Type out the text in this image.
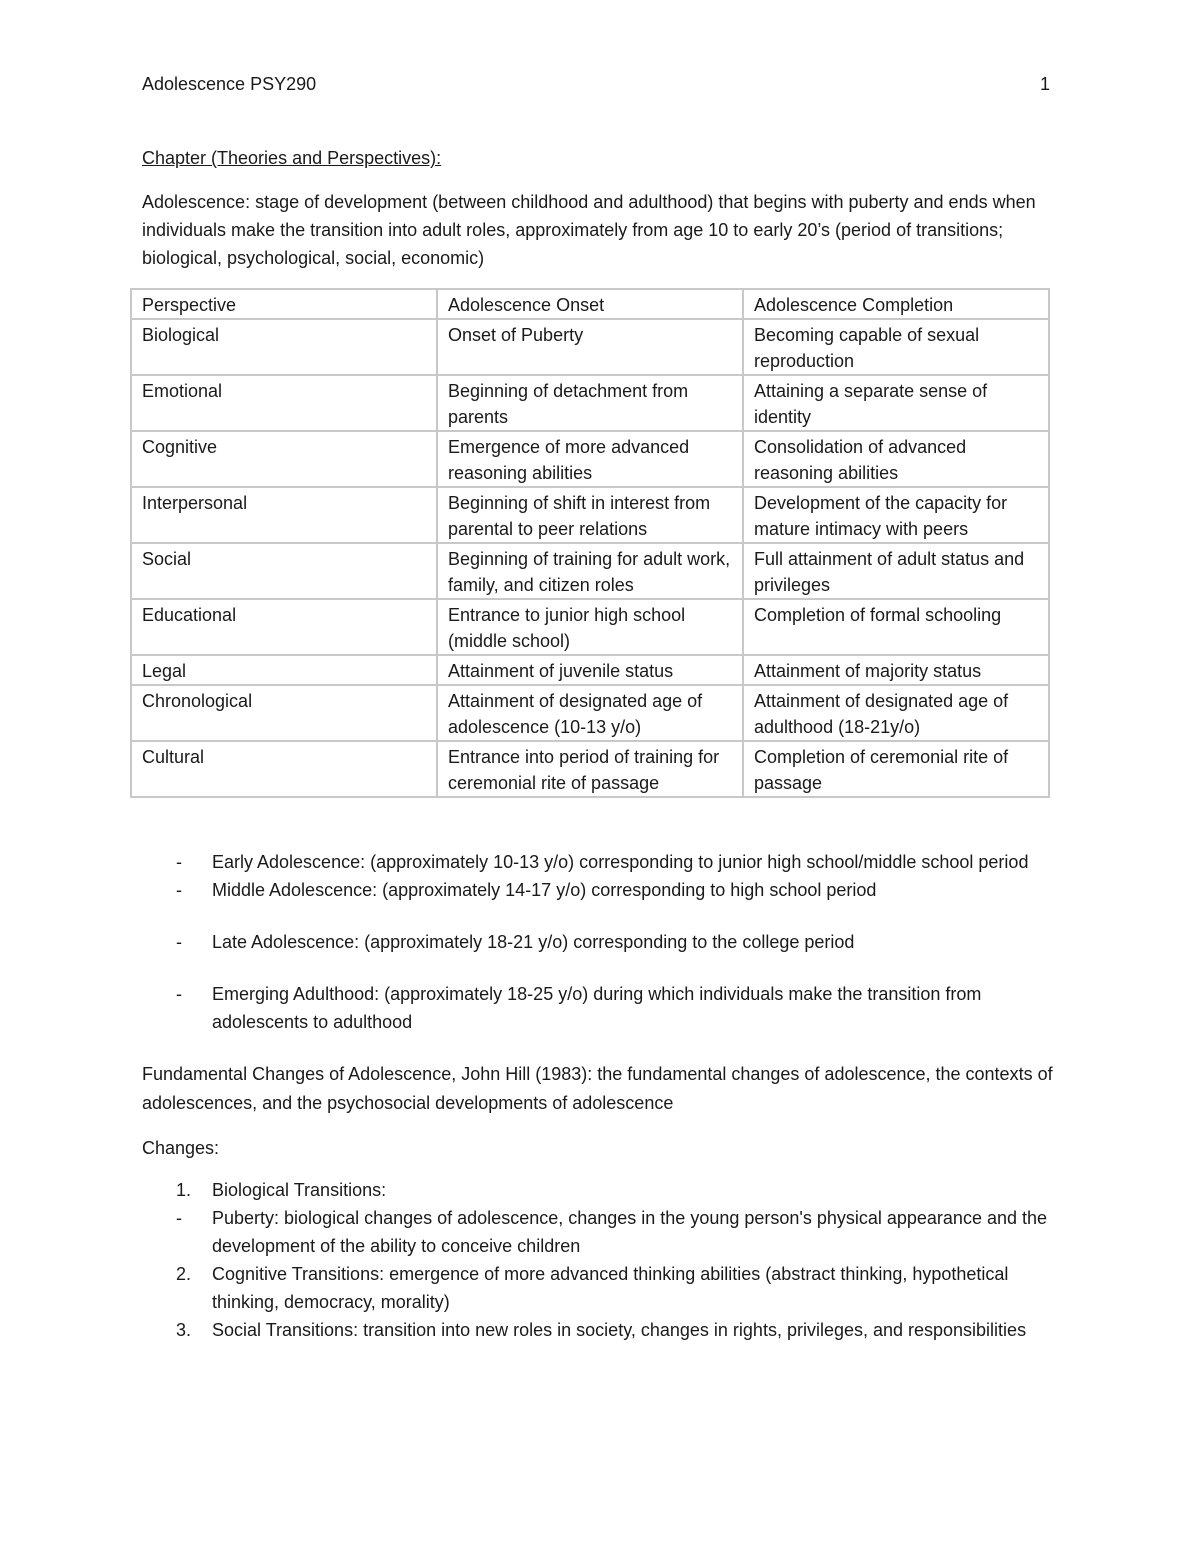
Adolescence PSY290	1

Chapter (Theories and Perspectives):

Adolescence: stage of development (between childhood and adulthood) that begins with puberty and ends when individuals make the transition into adult roles, approximately from age 10 to early 20’s (period of transitions; biological, psychological, social, economic)

Perspective	Adolescence Onset	Adolescence Completion
Biological	Onset of Puberty	Becoming capable of sexual reproduction
Emotional	Beginning of detachment from parents	Attaining a separate sense of identity
Cognitive	Emergence of more advanced reasoning abilities	Consolidation of advanced reasoning abilities
Interpersonal	Beginning of shift in interest from parental to peer relations	Development of the capacity for mature intimacy with peers
Social	Beginning of training for adult work, family, and citizen roles	Full attainment of adult status and privileges
Educational	Entrance to junior high school (middle school)	Completion of formal schooling
Legal	Attainment of juvenile status	Attainment of majority status
Chronological	Attainment of designated age of adolescence (10-13 y/o)	Attainment of designated age of adulthood (18-21y/o)
Cultural	Entrance into period of training for ceremonial rite of passage	Completion of ceremonial rite of passage
- Early Adolescence: (approximately 10-13 y/o) corresponding to junior high school/middle school period
- Middle Adolescence: (approximately 14-17 y/o) corresponding to high school period
- Late Adolescence: (approximately 18-21 y/o) corresponding to the college period
- Emerging Adulthood: (approximately 18-25 y/o) during which individuals make the transition from adolescents to adulthood

Fundamental Changes of Adolescence, John Hill (1983): the fundamental changes of adolescence, the contexts of adolescences, and the psychosocial developments of adolescence

Changes:

1. Biological Transitions:
- Puberty: biological changes of adolescence, changes in the young person's physical appearance and the development of the ability to conceive children
2. Cognitive Transitions: emergence of more advanced thinking abilities (abstract thinking, hypothetical thinking, democracy, morality)
3. Social Transitions: transition into new roles in society, changes in rights, privileges, and responsibilities
